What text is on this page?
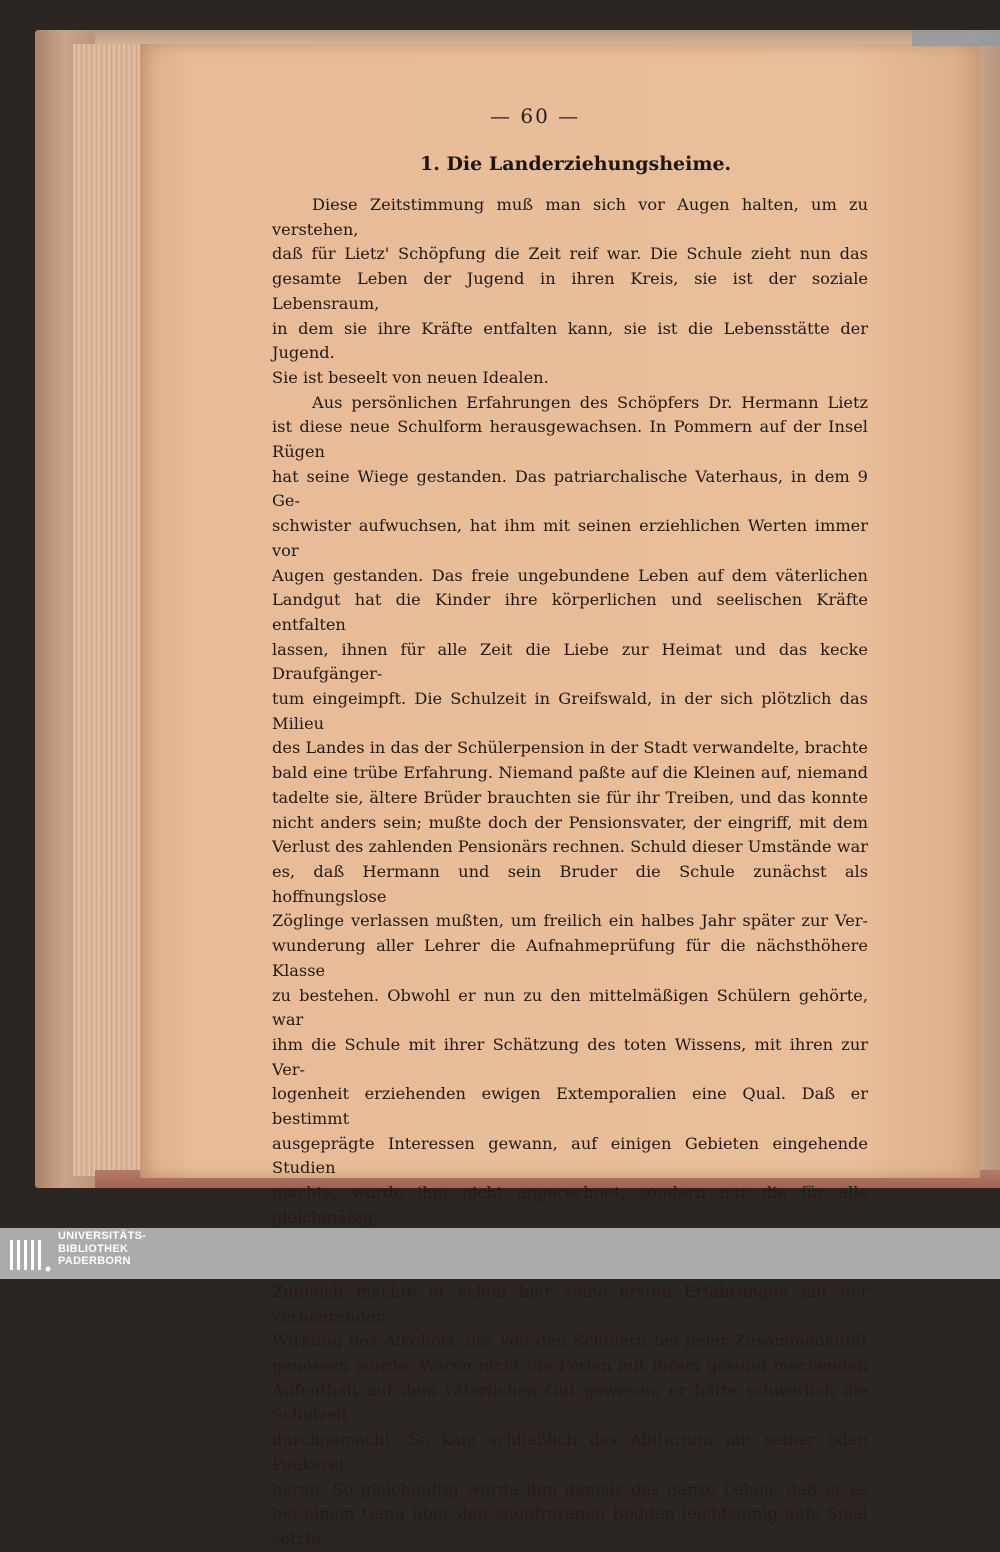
— 60 —
1. Die Landerziehungsheime.

Diese Zeitstimmung muß man sich vor Augen halten, um zu verstehen,

daß für Lietz' Schöpfung die Zeit reif war. Die Schule zieht nun das

gesamte Leben der Jugend in ihren Kreis, sie ist der soziale Lebensraum,

in dem sie ihre Kräfte entfalten kann, sie ist die Lebensstätte der Jugend.

Sie ist beseelt von neuen Idealen.

Aus persönlichen Erfahrungen des Schöpfers Dr. Hermann Lietz

ist diese neue Schulform herausgewachsen. In Pommern auf der Insel Rügen

hat seine Wiege gestanden. Das patriarchalische Vaterhaus, in dem 9 Ge-

schwister aufwuchsen, hat ihm mit seinen erziehlichen Werten immer vor

Augen gestanden. Das freie ungebundene Leben auf dem väterlichen

Landgut hat die Kinder ihre körperlichen und seelischen Kräfte entfalten

lassen, ihnen für alle Zeit die Liebe zur Heimat und das kecke Draufgänger-

tum eingeimpft. Die Schulzeit in Greifswald, in der sich plötzlich das Milieu

des Landes in das der Schülerpension in der Stadt verwandelte, brachte

bald eine trübe Erfahrung. Niemand paßte auf die Kleinen auf, niemand

tadelte sie, ältere Brüder brauchten sie für ihr Treiben, und das konnte

nicht anders sein; mußte doch der Pensionsvater, der eingriff, mit dem

Verlust des zahlenden Pensionärs rechnen. Schuld dieser Umstände war

es, daß Hermann und sein Bruder die Schule zunächst als hoffnungslose

Zöglinge verlassen mußten, um freilich ein halbes Jahr später zur Ver-

wunderung aller Lehrer die Aufnahmeprüfung für die nächsthöhere Klasse

zu bestehen. Obwohl er nun zu den mittelmäßigen Schülern gehörte, war

ihm die Schule mit ihrer Schätzung des toten Wissens, mit ihren zur Ver-

logenheit erziehenden ewigen Extemporalien eine Qual. Daß er bestimmt

ausgeprägte Interessen gewann, auf einigen Gebieten eingehende Studien

machte, wurde ihm nicht angerechnet, sondern nur die für alle gleichmäßig

Zugleich machte er schon hier seine ersten Erfahrungen mit der verheerenden

Wirkung des Alkohols, der von den Schülern bei jeder Zusammenkunft

genossen wurde. Wären nicht die Ferien mit ihrem gesund machenden

Aufenthalt auf dem väterlichen Gut gewesen, er hätte schwerlich die Schulzeit

durchgemacht. So kam schließlich das Abiturium mit seiner öden Paukerei

heran. So gleichgültig wurde ihm damals das ganze Leben, daß er es

bei einem Gang über den zugefrorenen Bodden leichtsinnig aufs Spiel setzte.

UNIVERSITÄTS-
BIBLIOTHEK
PADERBORN
